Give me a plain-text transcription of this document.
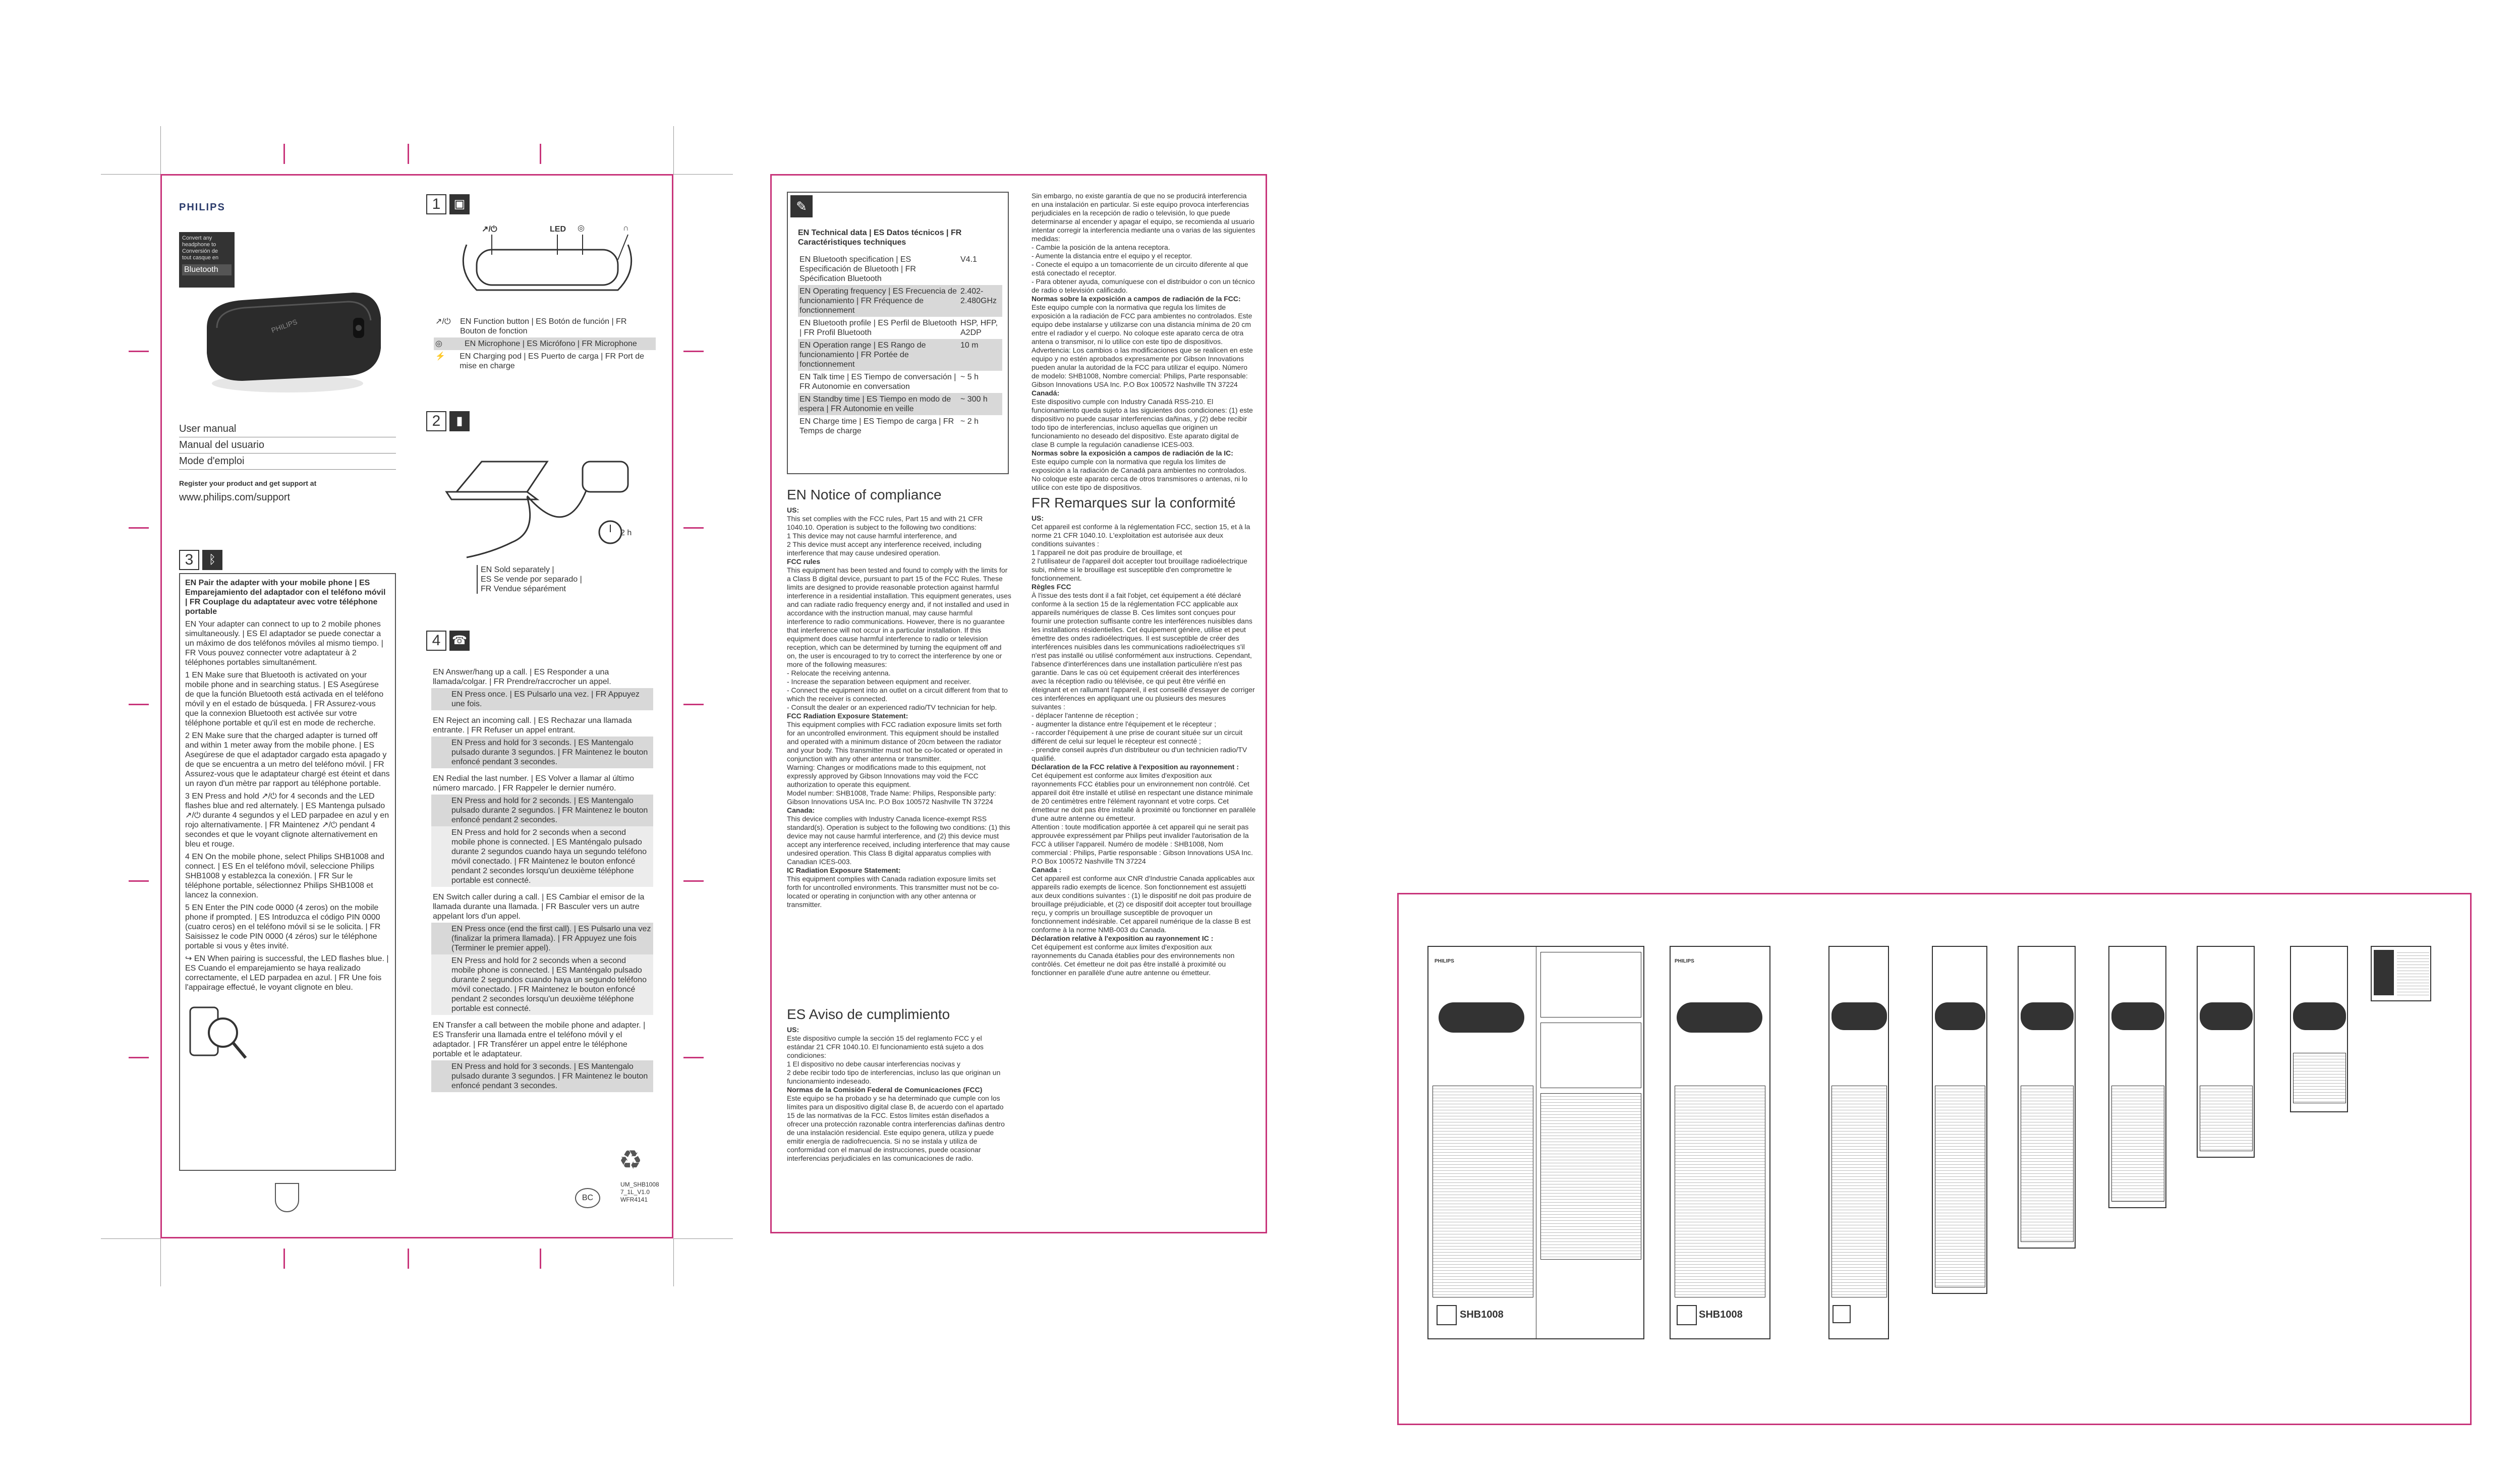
PHILIPS
Convert any
headphone to
Conversión de
tout casque en
Bluetooth
PHILIPS
User manual
Manual del usuario
Mode d'emploi
Register your product and get support at
www.philips.com/support
1	▣
↗/⏻	LED ◎	∩
↗/⏻	EN Function button | ES Botón de función | FR Bouton de fonction
◎	EN Microphone | ES Micrófono | FR Microphone
⚡	EN Charging pod | ES Puerto de carga | FR Port de mise en charge
2	▮
2 h
EN Sold separately |
ES Se vende por separado |
FR Vendue séparément
3	ᛒ
EN Pair the adapter with your mobile phone | ES Emparejamiento del adaptador con el teléfono móvil | FR Couplage du adaptateur avec votre téléphone portable
EN Your adapter can connect to up to 2 mobile phones simultaneously. | ES El adaptador se puede conectar a un máximo de dos teléfonos móviles al mismo tiempo. | FR Vous pouvez connecter votre adaptateur à 2 téléphones portables simultanément.
1 EN Make sure that Bluetooth is activated on your mobile phone and in searching status. | ES Asegúrese de que la función Bluetooth está activada en el teléfono móvil y en el estado de búsqueda. | FR Assurez-vous que la connexion Bluetooth est activée sur votre téléphone portable et qu'il est en mode de recherche.
2 EN Make sure that the charged adapter is turned off and within 1 meter away from the mobile phone. | ES Asegúrese de que el adaptador cargado esta apagado y de que se encuentra a un metro del teléfono móvil. | FR Assurez-vous que le adaptateur chargé est éteint et dans un rayon d'un mètre par rapport au téléphone portable.
3 EN Press and hold ↗/⏻ for 4 seconds and the LED flashes blue and red alternately. | ES Mantenga pulsado ↗/⏻ durante 4 segundos y el LED parpadee en azul y en rojo alternativamente. | FR Maintenez ↗/⏻ pendant 4 secondes et que le voyant clignote alternativement en bleu et rouge.
4 EN On the mobile phone, select Philips SHB1008 and connect. | ES En el teléfono móvil, seleccione Philips SHB1008 y establezca la conexión. | FR Sur le téléphone portable, sélectionnez Philips SHB1008 et lancez la connexion.
5 EN Enter the PIN code 0000 (4 zeros) on the mobile phone if prompted. | ES Introduzca el código PIN 0000 (cuatro ceros) en el teléfono móvil si se le solicita. | FR Saisissez le code PIN 0000 (4 zéros) sur le téléphone portable si vous y êtes invité.
↪ EN When pairing is successful, the LED flashes blue. | ES Cuando el emparejamiento se haya realizado correctamente, el LED parpadea en azul. | FR Une fois l'appairage effectué, le voyant clignote en bleu.
4 ☎
EN Answer/hang up a call. | ES Responder a una llamada/colgar. | FR Prendre/raccrocher un appel.
EN Press once. | ES Pulsarlo una vez. | FR Appuyez une fois.
EN Reject an incoming call. | ES Rechazar una llamada entrante. | FR Refuser un appel entrant.
EN Press and hold for 3 seconds. | ES Mantengalo pulsado durante 3 segundos. | FR Maintenez le bouton enfoncé pendant 3 secondes.
EN Redial the last number. | ES Volver a llamar al último número marcado. | FR Rappeler le dernier numéro.
EN Press and hold for 2 seconds. | ES Mantengalo pulsado durante 2 segundos. | FR Maintenez le bouton enfoncé pendant 2 secondes.
EN Press and hold for 2 seconds when a second mobile phone is connected. | ES Manténgalo pulsado durante 2 segundos cuando haya un segundo teléfono móvil conectado. | FR Maintenez le bouton enfoncé pendant 2 secondes lorsqu'un deuxième téléphone portable est connecté.
EN Switch caller during a call. | ES Cambiar el emisor de la llamada durante una llamada. | FR Basculer vers un autre appelant lors d'un appel.
EN Press once (end the first call). | ES Pulsarlo una vez (finalizar la primera llamada). | FR Appuyez une fois (Terminer le premier appel).
EN Press and hold for 2 seconds when a second mobile phone is connected. | ES Manténgalo pulsado durante 2 segundos cuando haya un segundo teléfono móvil conectado. | FR Maintenez le bouton enfoncé pendant 2 secondes lorsqu'un deuxième téléphone portable est connecté.
EN Transfer a call between the mobile phone and adapter. | ES Transferir una llamada entre el teléfono móvil y el adaptador. | FR Transférer un appel entre le téléphone portable et le adaptateur.
EN Press and hold for 3 seconds. | ES Mantengalo pulsado durante 3 segundos. | FR Maintenez le bouton enfoncé pendant 3 secondes.
♻
BC
UM_SHB1008
7_1L_V1.0
WFR4141
✎
EN Technical data | ES Datos técnicos | FR Caractéristiques techniques
EN Bluetooth specification | ES Especificación de Bluetooth | FR Spécification Bluetooth
V4.1
EN Operating frequency | ES Frecuencia de funcionamiento | FR Fréquence de fonctionnement
2.402-2.480GHz
EN Bluetooth profile | ES Perfil de Bluetooth | FR Profil Bluetooth
HSP, HFP, A2DP
EN Operation range | ES Rango de funcionamiento | FR Portée de fonctionnement
10 m
EN Talk time | ES Tiempo de conversación | FR Autonomie en conversation
~ 5 h
EN Standby time | ES Tiempo en modo de espera | FR Autonomie en veille
~ 300 h
EN Charge time | ES Tiempo de carga | FR Temps de charge
~ 2 h
EN Notice of compliance
US:
This set complies with the FCC rules, Part 15 and with 21 CFR 1040.10. Operation is subject to the following two conditions:
1 This device may not cause harmful interference, and
2 This device must accept any interference received, including interference that may cause undesired operation.
FCC rules
This equipment has been tested and found to comply with the limits for a Class B digital device, pursuant to part 15 of the FCC Rules. These limits are designed to provide reasonable protection against harmful interference in a residential installation. This equipment generates, uses and can radiate radio frequency energy and, if not installed and used in accordance with the instruction manual, may cause harmful interference to radio communications. However, there is no guarantee that interference will not occur in a particular installation. If this equipment does cause harmful interference to radio or television reception, which can be determined by turning the equipment off and on, the user is encouraged to try to correct the interference by one or more of the following measures:
- Relocate the receiving antenna.
- Increase the separation between equipment and receiver.
- Connect the equipment into an outlet on a circuit different from that to which the receiver is connected.
- Consult the dealer or an experienced radio/TV technician for help.
FCC Radiation Exposure Statement:
This equipment complies with FCC radiation exposure limits set forth for an uncontrolled environment. This equipment should be installed and operated with a minimum distance of 20cm between the radiator and your body. This transmitter must not be co-located or operated in conjunction with any other antenna or transmitter.
Warning: Changes or modifications made to this equipment, not expressly approved by Gibson Innovations may void the FCC authorization to operate this equipment.
Model number: SHB1008, Trade Name: Philips, Responsible party: Gibson Innovations USA Inc. P.O Box 100572 Nashville TN 37224
Canada:
This device complies with Industry Canada licence-exempt RSS standard(s). Operation is subject to the following two conditions: (1) this device may not cause harmful interference, and (2) this device must accept any interference received, including interference that may cause undesired operation. This Class B digital apparatus complies with Canadian ICES-003.
IC Radiation Exposure Statement:
This equipment complies with Canada radiation exposure limits set forth for uncontrolled environments. This transmitter must not be co-located or operating in conjunction with any other antenna or transmitter.
ES Aviso de cumplimiento
US:
Este dispositivo cumple la sección 15 del reglamento FCC y el estándar 21 CFR 1040.10. El funcionamiento está sujeto a dos condiciones:
1 El dispositivo no debe causar interferencias nocivas y
2 debe recibir todo tipo de interferencias, incluso las que originan un funcionamiento indeseado.
Normas de la Comisión Federal de Comunicaciones (FCC)
Este equipo se ha probado y se ha determinado que cumple con los límites para un dispositivo digital clase B, de acuerdo con el apartado 15 de las normativas de la FCC. Estos límites están diseñados a ofrecer una protección razonable contra interferencias dañinas dentro de una instalación residencial. Este equipo genera, utiliza y puede emitir energía de radiofrecuencia. Si no se instala y utiliza de conformidad con el manual de instrucciones, puede ocasionar interferencias perjudiciales en las comunicaciones de radio.
Sin embargo, no existe garantía de que no se producirá interferencia en una instalación en particular. Si este equipo provoca interferencias perjudiciales en la recepción de radio o televisión, lo que puede determinarse al encender y apagar el equipo, se recomienda al usuario intentar corregir la interferencia mediante una o varias de las siguientes medidas:
- Cambie la posición de la antena receptora.
- Aumente la distancia entre el equipo y el receptor.
- Conecte el equipo a un tomacorriente de un circuito diferente al que está conectado el receptor.
- Para obtener ayuda, comuníquese con el distribuidor o con un técnico de radio o televisión calificado.
Normas sobre la exposición a campos de radiación de la FCC:
Este equipo cumple con la normativa que regula los límites de exposición a la radiación de FCC para ambientes no controlados. Este equipo debe instalarse y utilizarse con una distancia mínima de 20 cm entre el radiador y el cuerpo. No coloque este aparato cerca de otra antena o transmisor, ni lo utilice con este tipo de dispositivos.
Advertencia: Los cambios o las modificaciones que se realicen en este equipo y no estén aprobados expresamente por Gibson Innovations pueden anular la autoridad de la FCC para utilizar el equipo. Número de modelo: SHB1008, Nombre comercial: Philips, Parte responsable: Gibson Innovations USA Inc. P.O Box 100572 Nashville TN 37224
Canadá:
Este dispositivo cumple con Industry Canadá RSS-210. El funcionamiento queda sujeto a las siguientes dos condiciones: (1) este dispositivo no puede causar interferencias dañinas, y (2) debe recibir todo tipo de interferencias, incluso aquellas que originen un funcionamiento no deseado del dispositivo. Este aparato digital de clase B cumple la regulación canadiense ICES-003.
Normas sobre la exposición a campos de radiación de la IC:
Este equipo cumple con la normativa que regula los límites de exposición a la radiación de Canadá para ambientes no controlados. No coloque este aparato cerca de otros transmisores o antenas, ni lo utilice con este tipo de dispositivos.
FR Remarques sur la conformité
US:
Cet appareil est conforme à la réglementation FCC, section 15, et à la norme 21 CFR 1040.10. L'exploitation est autorisée aux deux conditions suivantes :
1 l'appareil ne doit pas produire de brouillage, et
2 l'utilisateur de l'appareil doit accepter tout brouillage radioélectrique subi, même si le brouillage est susceptible d'en compromettre le fonctionnement.
Règles FCC
À l'issue des tests dont il a fait l'objet, cet équipement a été déclaré conforme à la section 15 de la réglementation FCC applicable aux appareils numériques de classe B. Ces limites sont conçues pour fournir une protection suffisante contre les interférences nuisibles dans les installations résidentielles. Cet équipement génère, utilise et peut émettre des ondes radioélectriques. Il est susceptible de créer des interférences nuisibles dans les communications radioélectriques s'il n'est pas installé ou utilisé conformément aux instructions. Cependant, l'absence d'interférences dans une installation particulière n'est pas garantie. Dans le cas où cet équipement créerait des interférences avec la réception radio ou télévisée, ce qui peut être vérifié en éteignant et en rallumant l'appareil, il est conseillé d'essayer de corriger ces interférences en appliquant une ou plusieurs des mesures suivantes :
- déplacer l'antenne de réception ;
- augmenter la distance entre l'équipement et le récepteur ;
- raccorder l'équipement à une prise de courant située sur un circuit différent de celui sur lequel le récepteur est connecté ;
- prendre conseil auprès d'un distributeur ou d'un technicien radio/TV qualifié.
Déclaration de la FCC relative à l'exposition au rayonnement :
Cet équipement est conforme aux limites d'exposition aux rayonnements FCC établies pour un environnement non contrôlé. Cet appareil doit être installé et utilisé en respectant une distance minimale de 20 centimètres entre l'élément rayonnant et votre corps. Cet émetteur ne doit pas être installé à proximité ou fonctionner en parallèle d'une autre antenne ou émetteur.
Attention : toute modification apportée à cet appareil qui ne serait pas approuvée expressément par Philips peut invalider l'autorisation de la FCC à utiliser l'appareil. Numéro de modèle : SHB1008, Nom commercial : Philips, Partie responsable : Gibson Innovations USA Inc. P.O Box 100572 Nashville TN 37224
Canada :
Cet appareil est conforme aux CNR d'Industrie Canada applicables aux appareils radio exempts de licence. Son fonctionnement est assujetti aux deux conditions suivantes : (1) le dispositif ne doit pas produire de brouillage préjudiciable, et (2) ce dispositif doit accepter tout brouillage reçu, y compris un brouillage susceptible de provoquer un fonctionnement indésirable. Cet appareil numérique de la classe B est conforme à la norme NMB-003 du Canada.
Déclaration relative à l'exposition au rayonnement IC :
Cet équipement est conforme aux limites d'exposition aux rayonnements du Canada établies pour des environnements non contrôlés. Cet émetteur ne doit pas être installé à proximité ou fonctionner en parallèle d'une autre antenne ou émetteur.
PHILIPS
SHB1008
PHILIPS
SHB1008
